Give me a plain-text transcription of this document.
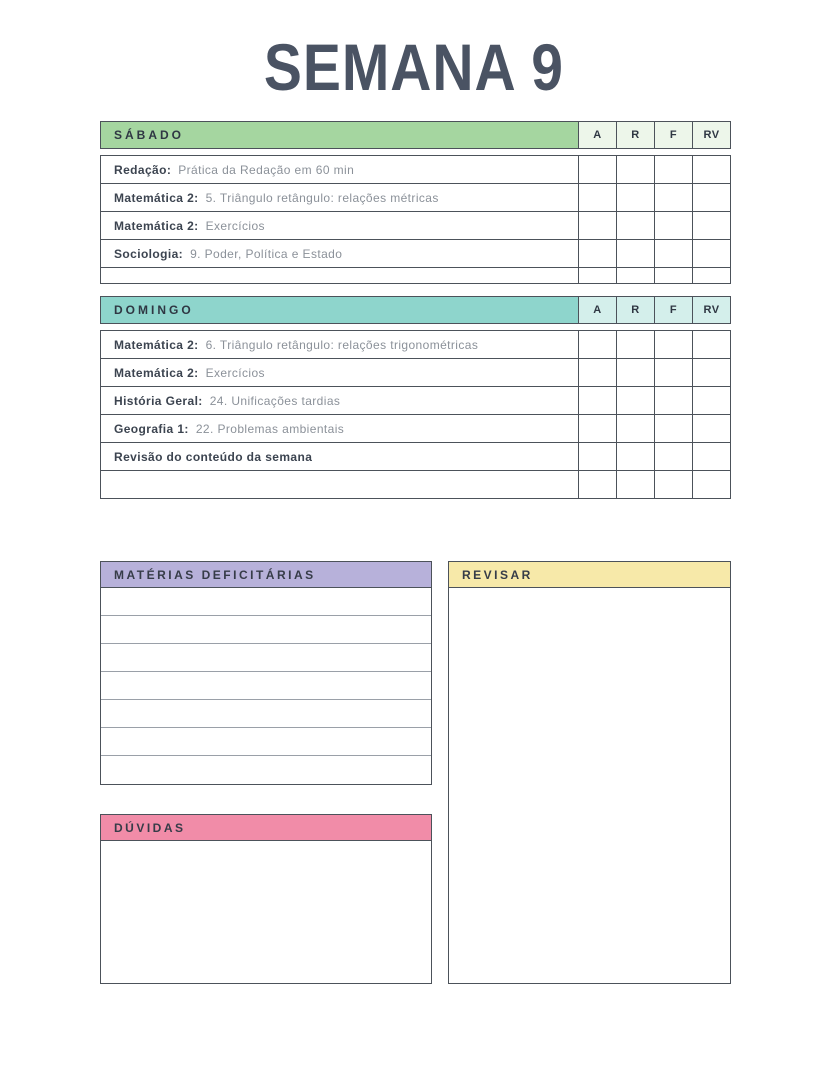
SEMANA 9
SÁBADO	A	R	F	RV
Redação: Prática da Redação em 60 min
Matemática 2: 5. Triângulo retângulo: relações métricas
Matemática 2: Exercícios
Sociologia: 9. Poder, Política e Estado
DOMINGO	A	R	F	RV
Matemática 2: 6. Triângulo retângulo: relações trigonométricas
Matemática 2: Exercícios
História Geral: 24. Unificações tardias
Geografia 1: 22. Problemas ambientais
Revisão do conteúdo da semana
MATÉRIAS DEFICITÁRIAS
DÚVIDAS
REVISAR
